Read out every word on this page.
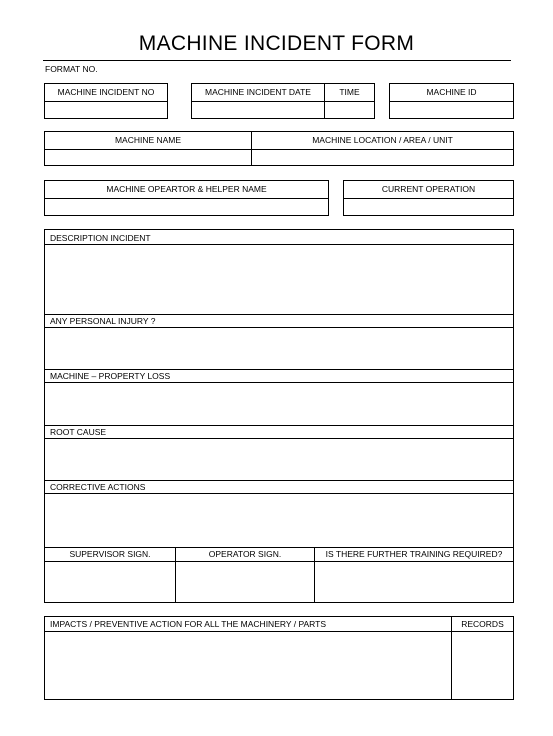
MACHINE INCIDENT FORM
FORMAT NO.
MACHINE INCIDENT NO	MACHINE INCIDENT DATE	TIME	MACHINE ID
MACHINE NAME	MACHINE LOCATION / AREA / UNIT
MACHINE OPEARTOR & HELPER NAME	CURRENT OPERATION
DESCRIPTION INCIDENT
ANY PERSONAL INJURY ?
MACHINE – PROPERTY LOSS
ROOT CAUSE
CORRECTIVE ACTIONS
SUPERVISOR SIGN.	OPERATOR SIGN.	IS THERE FURTHER TRAINING REQUIRED?
IMPACTS / PREVENTIVE ACTION FOR ALL THE MACHINERY / PARTS	RECORDS
